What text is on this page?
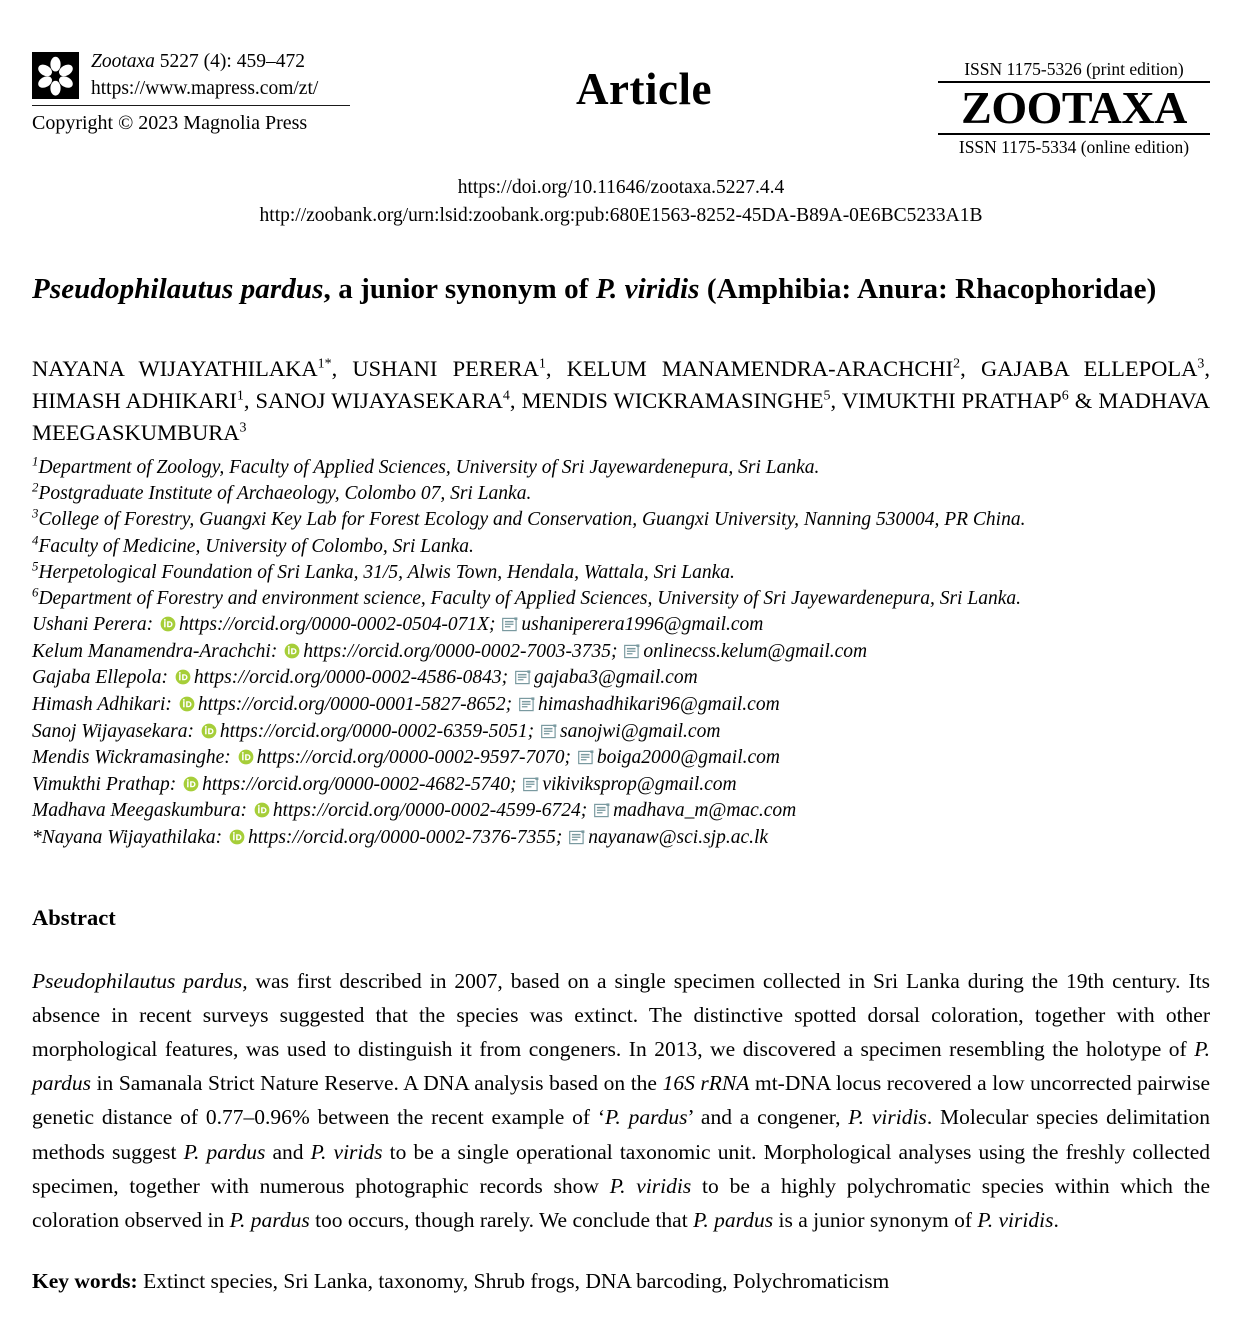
Zootaxa 5227 (4): 459–472
https://www.mapress.com/zt/
Copyright © 2023 Magnolia Press
Article	ISSN 1175-5326 (print edition)
ZOOTAXA
ISSN 1175-5334 (online edition)
https://doi.org/10.11646/zootaxa.5227.4.4
http://zoobank.org/urn:lsid:zoobank.org:pub:680E1563-8252-45DA-B89A-0E6BC5233A1B
Pseudophilautus pardus, a junior synonym of P. viridis (Amphibia: Anura: Rhacophoridae)
NAYANA $WIJAYATHILAKA^{1*}$, USHANI PERERA$^1$, KELUM MANAMENDRA-ARACHCHI$^2$, GAJABA ELLEPOLA$^3$, HIMASH ADHIKARI$^1$, SANOJ WIJAYASEKARA$^4$, MENDIS WICKRAMASINGHE$^5$, VIMUKTHI PRATHAP$^6$ & MADHAVA MEEGASKUMBURA$^3$
$^1$Department of Zoology, Faculty of Applied Sciences, University of Sri Jayewardenepura, Sri Lanka.
$^2$Postgraduate Institute of Archaeology, Colombo 07, Sri Lanka.
$^3$College of Forestry, Guangxi Key Lab for Forest Ecology and Conservation, Guangxi University, Nanning 530004, PR China.
$^4$Faculty of Medicine, University of Colombo, Sri Lanka.
$^5$Herpetological Foundation of Sri Lanka, 31/5, Alwis Town, Hendala, Wattala, Sri Lanka.
$^6$Department of Forestry and environment science, Faculty of Applied Sciences, University of Sri Jayewardenepura, Sri Lanka.
Ushani Perera:
https://orcid.org/0000-0002-0504-071X;
ushaniperera1996@gmail.com
Kelum Manamendra-Arachchi:
https://orcid.org/0000-0002-7003-3735;
onlinecss.kelum@gmail.com
Gajaba Ellepola:
https://orcid.org/0000-0002-4586-0843;
gajaba3@gmail.com
Himash Adhikari:
https://orcid.org/0000-0001-5827-8652;
himashadhikari96@gmail.com
Sanoj Wijayasekara:
https://orcid.org/0000-0002-6359-5051;
sanojwi@gmail.com
Mendis Wickramasinghe:
https://orcid.org/0000-0002-9597-7070;
boiga2000@gmail.com
Vimukthi Prathap:
https://orcid.org/0000-0002-4682-5740;
vikiviksprop@gmail.com
Madhava Meegaskumbura:
https://orcid.org/0000-0002-4599-6724;
madhava_m@mac.com
*Nayana Wijayathilaka:
https://orcid.org/0000-0002-7376-7355;
nayanaw@sci.sjp.ac.lk
Abstract

Pseudophilautus pardus, was first described in 2007, based on a single specimen collected in Sri Lanka during the 19th century. Its absence in recent surveys suggested that the species was extinct. The distinctive spotted dorsal coloration, together with other morphological features, was used to distinguish it from congeners. In 2013, we discovered a specimen resembling the holotype of P. pardus in Samanala Strict Nature Reserve. A DNA analysis based on the 16S rRNA mt-DNA locus recovered a low uncorrected pairwise genetic distance of 0.77–0.96% between the recent example of ‘P. pardus’ and a congener, P. viridis. Molecular species delimitation methods suggest P. pardus and P. virids to be a single operational taxonomic unit. Morphological analyses using the freshly collected specimen, together with numerous photographic records show P. viridis to be a highly polychromatic species within which the coloration observed in P. pardus too occurs, though rarely. We conclude that P. pardus is a junior synonym of P. viridis.

Key words: Extinct species, Sri Lanka, taxonomy, Shrub frogs, DNA barcoding, Polychromaticism
